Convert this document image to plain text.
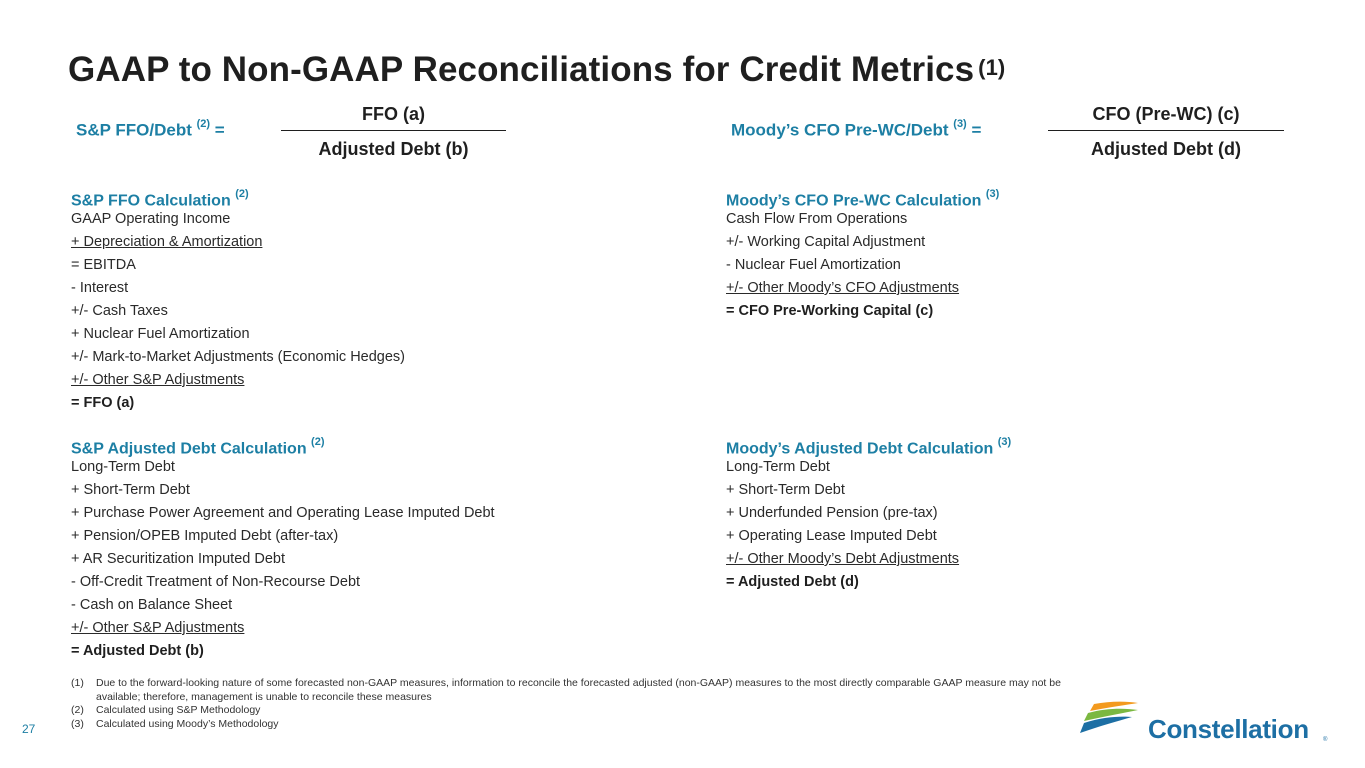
GAAP to Non-GAAP Reconciliations for Credit Metrics $^{(1)}$
S&P FFO/Debt $^{(2)}$ =
FFO (a)
Adjusted Debt (b)
Moody’s CFO Pre-WC/Debt $^{(3)}$ =
CFO (Pre-WC) (c)
Adjusted Debt (d)
S&P FFO Calculation $^{(2)}$
GAAP Operating Income
+ Depreciation & Amortization
= EBITDA
- Interest
+/- Cash Taxes
+ Nuclear Fuel Amortization
+/- Mark-to-Market Adjustments (Economic Hedges)
+/- Other S&P Adjustments
= FFO (a)
Moody’s CFO Pre-WC Calculation $^{(3)}$
Cash Flow From Operations
+/- Working Capital Adjustment
- Nuclear Fuel Amortization
+/- Other Moody’s CFO Adjustments
= CFO Pre-Working Capital (c)
S&P Adjusted Debt Calculation $^{(2)}$
Long-Term Debt
+ Short-Term Debt
+ Purchase Power Agreement and Operating Lease Imputed Debt
+ Pension/OPEB Imputed Debt (after-tax)
+ AR Securitization Imputed Debt
- Off-Credit Treatment of Non-Recourse Debt
- Cash on Balance Sheet
+/- Other S&P Adjustments
= Adjusted Debt (b)
Moody’s Adjusted Debt Calculation $^{(3)}$
Long-Term Debt
+ Short-Term Debt
+ Underfunded Pension (pre-tax)
+ Operating Lease Imputed Debt
+/- Other Moody’s Debt Adjustments
= Adjusted Debt (d)
(1)	Due to the forward-looking nature of some forecasted non-GAAP measures, information to reconcile the forecasted adjusted (non-GAAP) measures to the most directly comparable GAAP measure may not be available; therefore, management is unable to reconcile these measures
(2)	Calculated using S&P Methodology
(3)	Calculated using Moody’s Methodology
27	Constellation ®
